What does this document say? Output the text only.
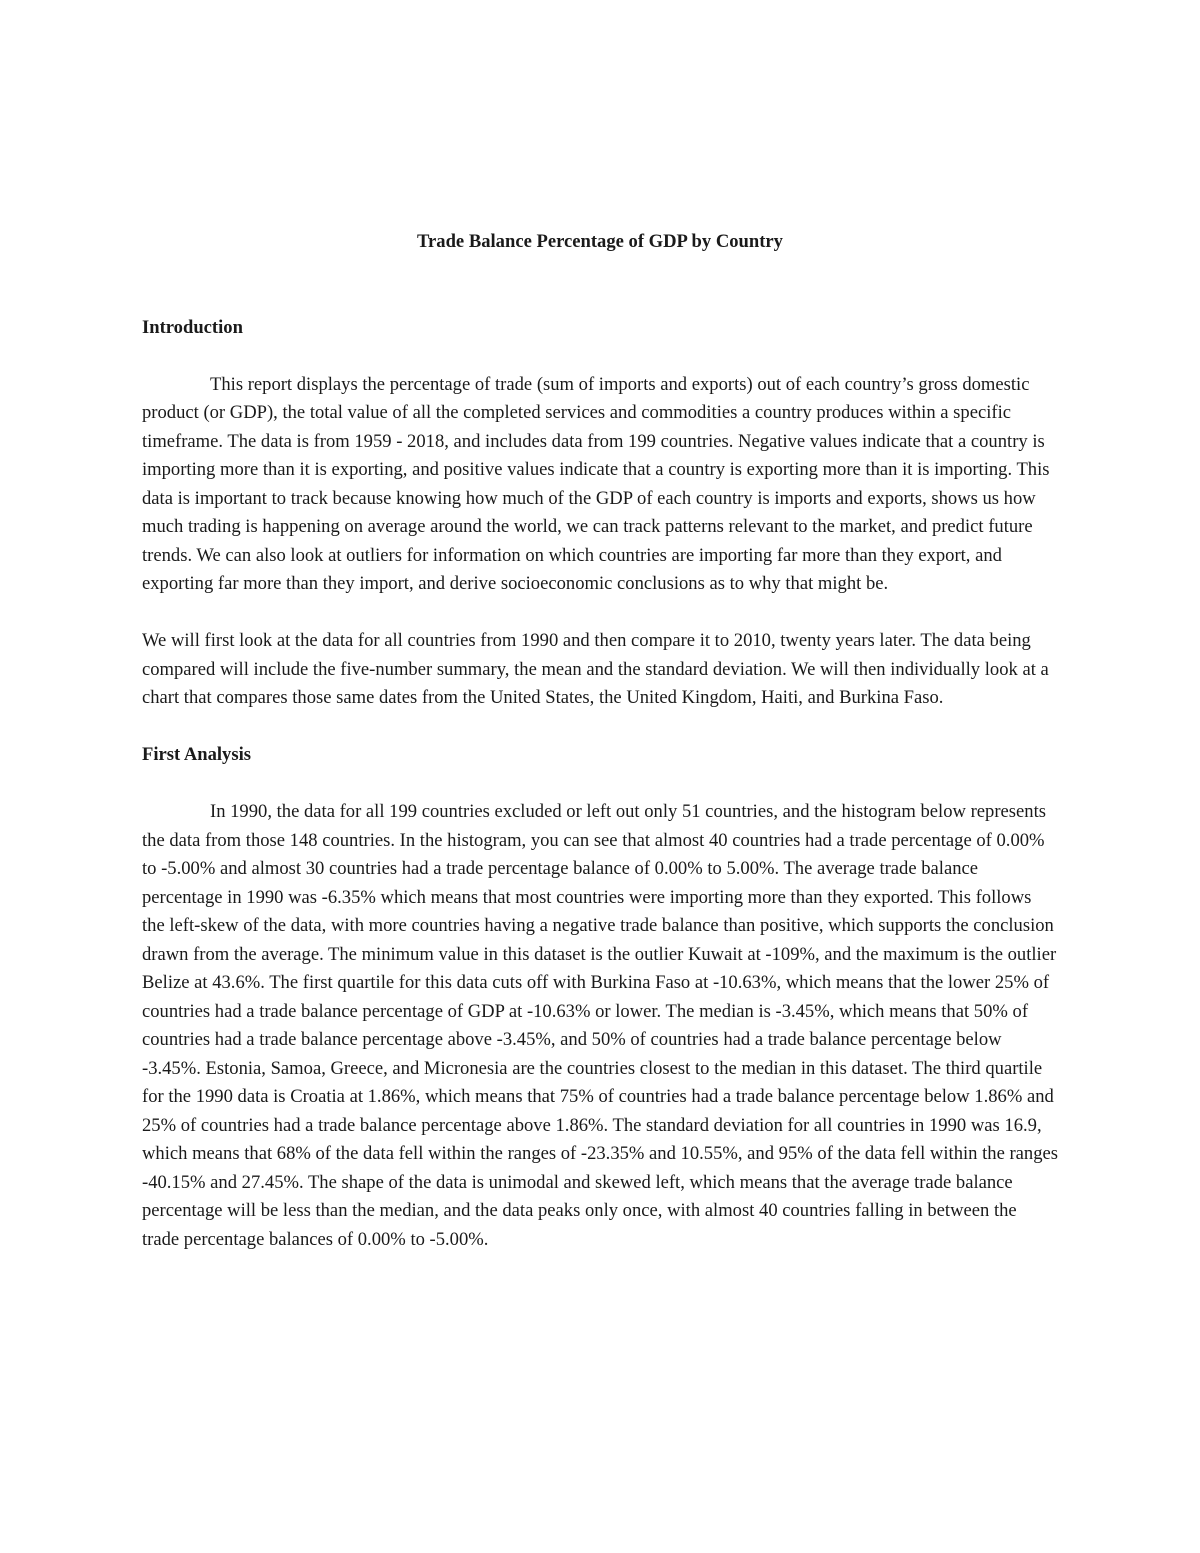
Trade Balance Percentage of GDP by Country
Introduction

This report displays the percentage of trade (sum of imports and exports) out of each country’s gross domestic product (or GDP), the total value of all the completed services and commodities a country produces within a specific timeframe. The data is from 1959 - 2018, and includes data from 199 countries. Negative values indicate that a country is importing more than it is exporting, and positive values indicate that a country is exporting more than it is importing. This data is important to track because knowing how much of the GDP of each country is imports and exports, shows us how much trading is happening on average around the world, we can track patterns relevant to the market, and predict future trends. We can also look at outliers for information on which countries are importing far more than they export, and exporting far more than they import, and derive socioeconomic conclusions as to why that might be.

We will first look at the data for all countries from 1990 and then compare it to 2010, twenty years later. The data being compared will include the five-number summary, the mean and the standard deviation. We will then individually look at a chart that compares those same dates from the United States, the United Kingdom, Haiti, and Burkina Faso.

First Analysis

In 1990, the data for all 199 countries excluded or left out only 51 countries, and the histogram below represents the data from those 148 countries. In the histogram, you can see that almost 40 countries had a trade percentage of 0.00% to -5.00% and almost 30 countries had a trade percentage balance of 0.00% to 5.00%. The average trade balance percentage in 1990 was -6.35% which means that most countries were importing more than they exported. This follows the left-skew of the data, with more countries having a negative trade balance than positive, which supports the conclusion drawn from the average. The minimum value in this dataset is the outlier Kuwait at -109%, and the maximum is the outlier Belize at 43.6%. The first quartile for this data cuts off with Burkina Faso at -10.63%, which means that the lower 25% of countries had a trade balance percentage of GDP at -10.63% or lower. The median is -3.45%, which means that 50% of countries had a trade balance percentage above -3.45%, and 50% of countries had a trade balance percentage below -3.45%. Estonia, Samoa, Greece, and Micronesia are the countries closest to the median in this dataset. The third quartile for the 1990 data is Croatia at 1.86%, which means that 75% of countries had a trade balance percentage below 1.86% and 25% of countries had a trade balance percentage above 1.86%. The standard deviation for all countries in 1990 was 16.9, which means that 68% of the data fell within the ranges of -23.35% and 10.55%, and 95% of the data fell within the ranges -40.15% and 27.45%. The shape of the data is unimodal and skewed left, which means that the average trade balance percentage will be less than the median, and the data peaks only once, with almost 40 countries falling in between the trade percentage balances of 0.00% to -5.00%.
